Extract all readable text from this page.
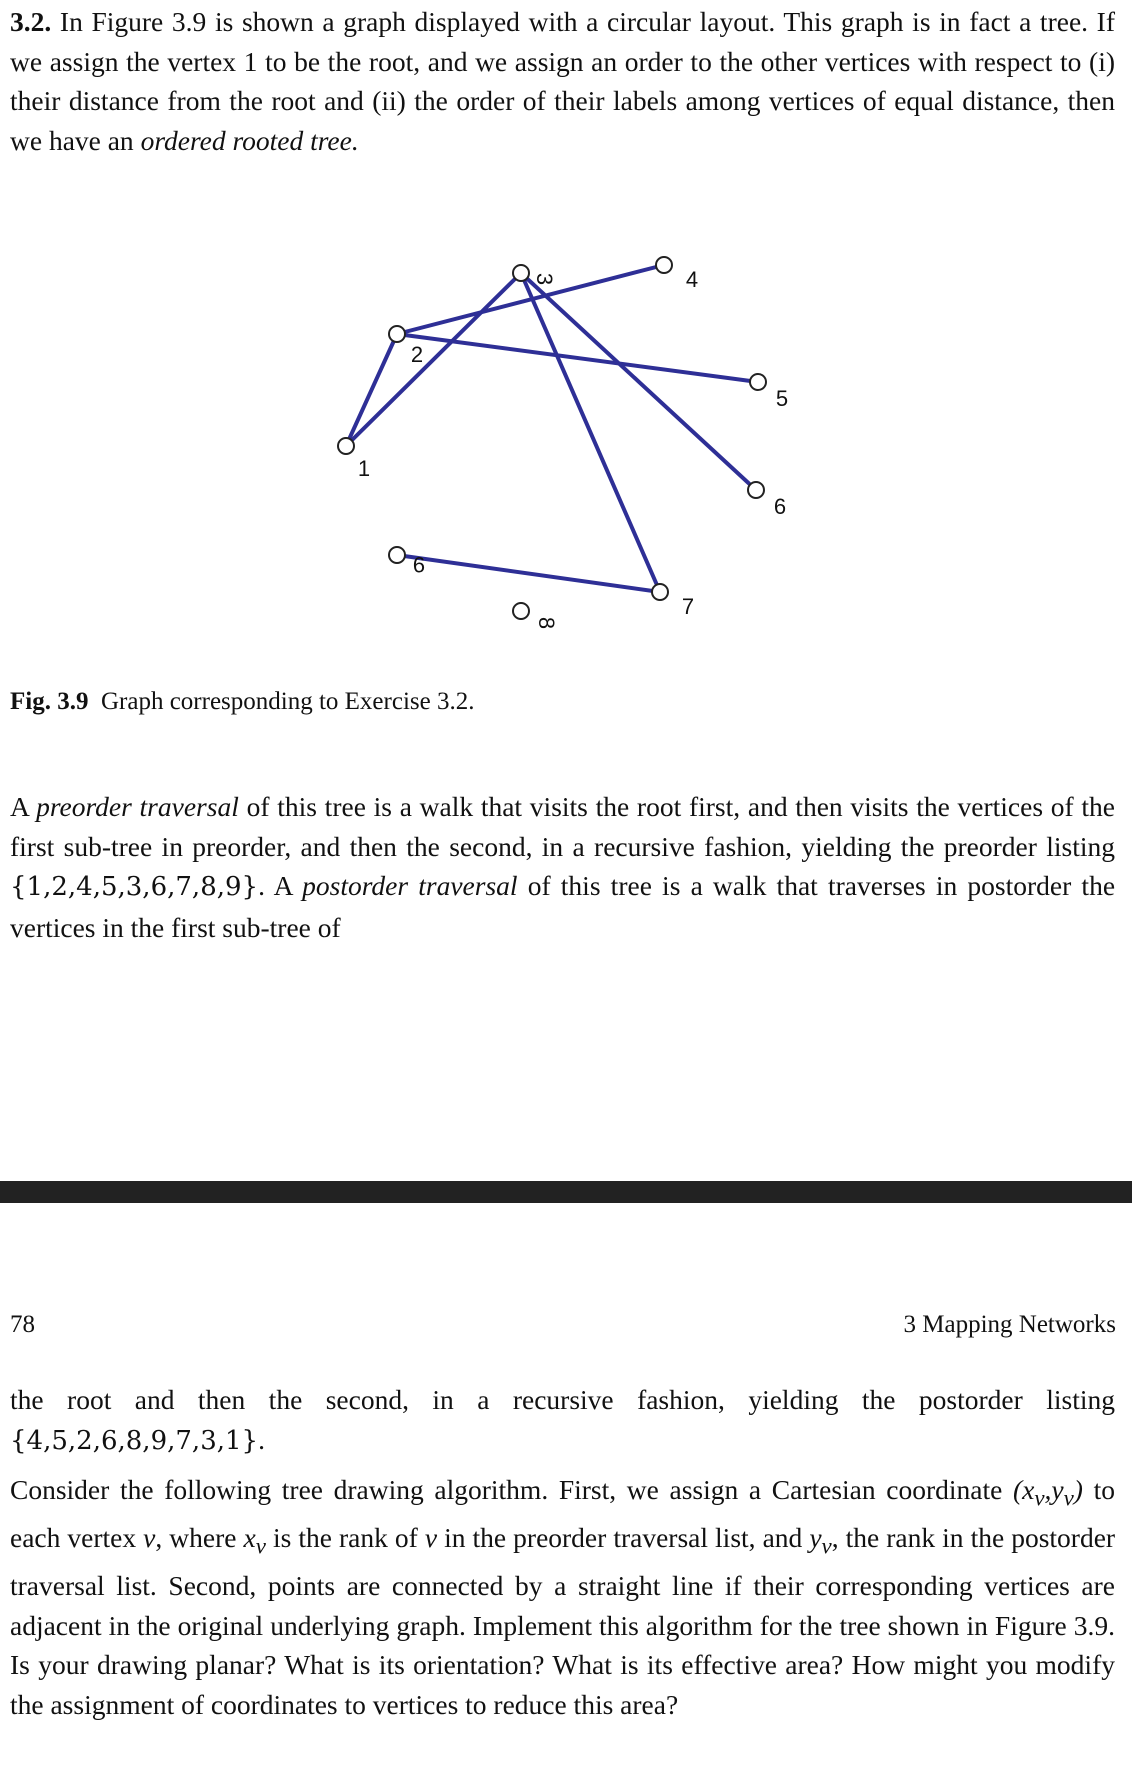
3.2. In Figure 3.9 is shown a graph displayed with a circular layout. This graph is in fact a tree. If we assign the vertex 1 to be the root, and we assign an order to the other vertices with respect to (i) their distance from the root and (ii) the order of their labels among vertices of equal distance, then we have an ordered rooted tree.
1
2
3	4
5
6
7
8
9
Fig. 3.9 Graph corresponding to Exercise 3.2.
A preorder traversal of this tree is a walk that visits the root first, and then visits the vertices of the first sub-tree in preorder, and then the second, in a recursive fashion, yielding the preorder listing {1,2,4,5,3,6,7,8,9}. A postorder traversal of this tree is a walk that traverses in postorder the vertices in the first sub-tree of
78	3 Mapping Networks
the root and then the second, in a recursive fashion, yielding the postorder listing {4,5,2,6,8,9,7,3,1}.
Consider the following tree drawing algorithm. First, we assign a Cartesian coordinate $(x_v,y_v)$ to each vertex v, where $x_v$ is the rank of v in the preorder traversal list, and $y_v$, the rank in the postorder traversal list. Second, points are connected by a straight line if their corresponding vertices are adjacent in the original underlying graph. Implement this algorithm for the tree shown in Figure 3.9. Is your drawing planar? What is its orientation? What is its effective area? How might you modify the assignment of coordinates to vertices to reduce this area?
